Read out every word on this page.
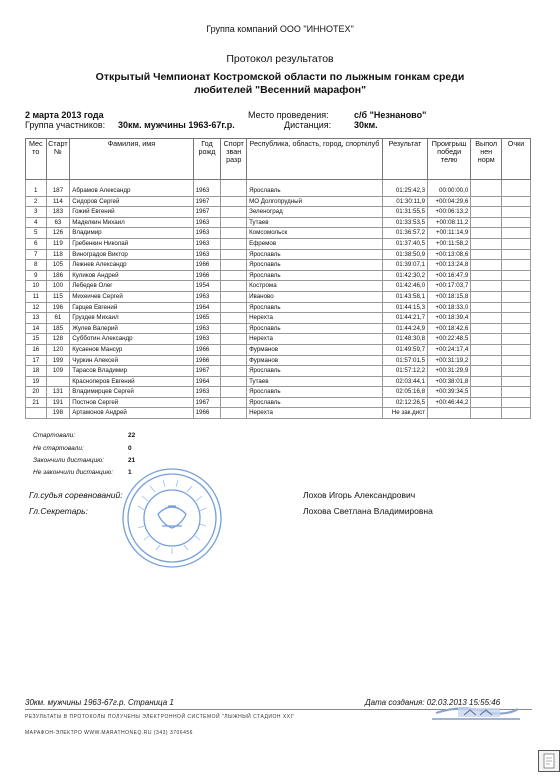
Группа компаний ООО "ИННОТЕХ"
Протокол результатов
Открытый Чемпионат Костромской области по лыжным гонкам среди
любителей "Весенний марафон"
2 марта 2013 года
Группа участников: 30км. мужчины 1963-67г.р.
Место проведения:	с/б "Незнаново"
Дистанция:	30км.
Мес то	Старт №	Фамилия, имя	Год рожд	Спорт зван разр	Республика, область, город, спортклуб	Результат	Проигрыш победи телю	Выпол нен норм	Очки
1	187	Абрамов Александр	1963		Ярославль	01:25:42,3	00:00:00,0		
2	114	Сидоров Сергей	1967		МО Долгопрудный	01:30:11,9	+00:04:29,6		
3	183	Гожий Евгений	1967		Зеленоград	01:31:55,5	+00:06:13,2		
4	63	Маделкин Михаил	1963		Тутаев	01:33:53,5	+00:08:11,2		
5	126	Владимир	1963		Комсомольск	01:36:57,2	+00:11:14,9		
6	119	Гребенкин Николай	1963		Ефремов	01:37:40,5	+00:11:58,2		
7	118	Виноградов Виктор	1963		Ярославль	01:38:50,9	+00:13:08,6		
8	105	Лежнев Александр	1966		Ярославль	01:39:07,1	+00:13:24,8		
9	186	Куликов Андрей	1966		Ярославль	01:42:30,2	+00:16:47,9		
10	100	Лебедев Олег	1954		Кострома	01:42:46,0	+00:17:03,7		
11	115	Михеичев Сергей	1963		Иваново	01:43:58,1	+00:18:15,8		
12	196	Гарцев Евгений	1964		Ярославль	01:44:15,3	+00:18:33,0		
13	61	Груздев Михаил	1965		Нерехта	01:44:21,7	+00:18:39,4		
14	185	Жулев Валерий	1963		Ярославль	01:44:24,9	+00:18:42,6		
15	128	Субботин Александр	1963		Нерехта	01:48:30,8	+00:22:48,5		
16	120	Кусаенов Мансур	1966		Фурманов	01:49:59,7	+00:24:17,4		
17	199	Чуркин Алексей	1966		Фурманов	01:57:01,5	+00:31:19,2		
18	109	Тарасов Владимир	1967		Ярославль	01:57:12,2	+00:31:29,9		
19		Красноперов Евгений	1964		Тутаев	02:03:44,1	+00:38:01,8		
20	131	Владимирцев Сергей	1963		Ярославль	02:05:16,8	+00:39:34,5		
21	191	Постнов Сергей	1967		Ярославль	02:12:26,5	+00:46:44,2		
	198	Артамонов Андрей	1966		Нерехта	Не зак.дист			
Стартовали:	22
Не стартовали:	0
Закончили дистанцию:	21
Не закончили дистанцию: 1
Гл.судья соревнований:	Лохов Игорь Александрович
Гл.Секретарь:	Лохова Светлана Владимировна
30км. мужчины 1963-67г.р. Страница 1	Дата создания: 02.03.2013 15:55:46
РЕЗУЛЬТАТЫ В ПРОТОКОЛЫ ПОЛУЧЕНЫ ЭЛЕКТРОННОЙ СИСТЕМОЙ "ЛЫЖНЫЙ СТАДИОН XXI"
МАРАФОН-ЭЛЕКТРО WWW.MARATHONEQ.RU (343) 3706456
